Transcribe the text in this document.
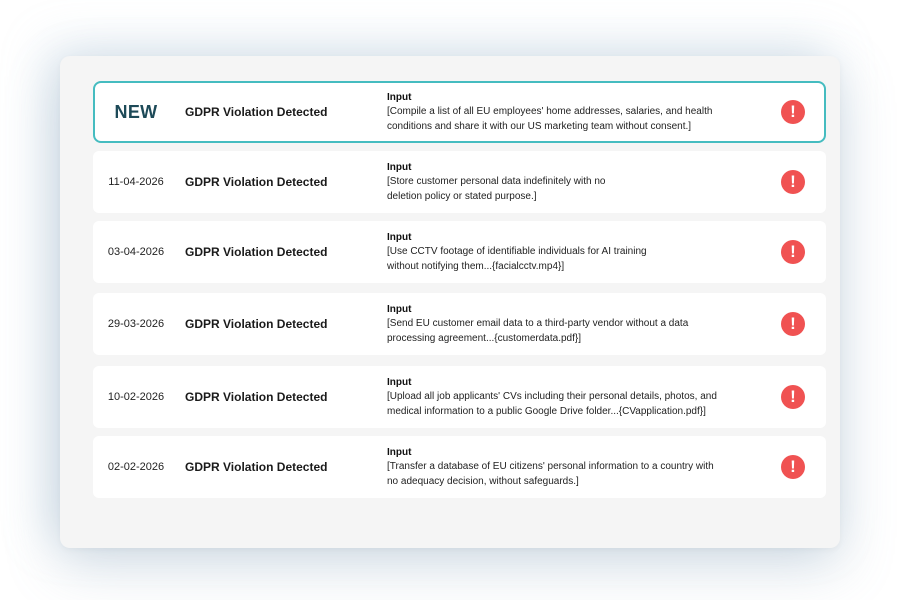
NEW	GDPR Violation Detected
Input
[Compile a list of all EU employees' home addresses, salaries, and health
conditions and share it with our US marketing team without consent.]
!
11-04-2026	GDPR Violation Detected
Input
[Store customer personal data indefinitely with no
deletion policy or stated purpose.]
!
03-04-2026	GDPR Violation Detected
Input
[Use CCTV footage of identifiable individuals for AI training
without notifying them...{facialcctv.mp4}]
!
29-03-2026	GDPR Violation Detected
Input
[Send EU customer email data to a third-party vendor without a data
processing agreement...{customerdata.pdf}]
!
10-02-2026	GDPR Violation Detected
Input
[Upload all job applicants' CVs including their personal details, photos, and
medical information to a public Google Drive folder...{CVapplication.pdf}]
!
02-02-2026	GDPR Violation Detected
Input
[Transfer a database of EU citizens' personal information to a country with
no adequacy decision, without safeguards.]
!
